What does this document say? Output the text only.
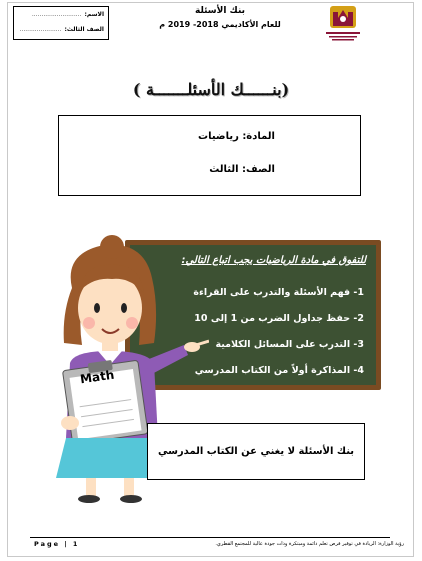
الاسم:
..........................
الصف الثالث:
......................
بنك الأسئلة
للعام الأكاديمي 2018- 2019 م
(بنــــــك الأسئلـــــــة )
المادة: رياضيات
الصف: الثالث
للتفوق في مادة الرياضيات يجب اتباع التالي:
1- فهم الأسئلة والتدرب على القراءة
2- حفظ جداول الضرب من 1 إلى 10
3- التدرب على المسائل الكلامية
4- المذاكرة أولاً من الكتاب المدرسي
Math
بنك الأسئلة لا يغني عن الكتاب المدرسي
Page | 1	رؤية الوزارة: الريادة في توفير فرص تعلم دائمة ومبتكرة وذات جودة عالية للمجتمع القطري.
